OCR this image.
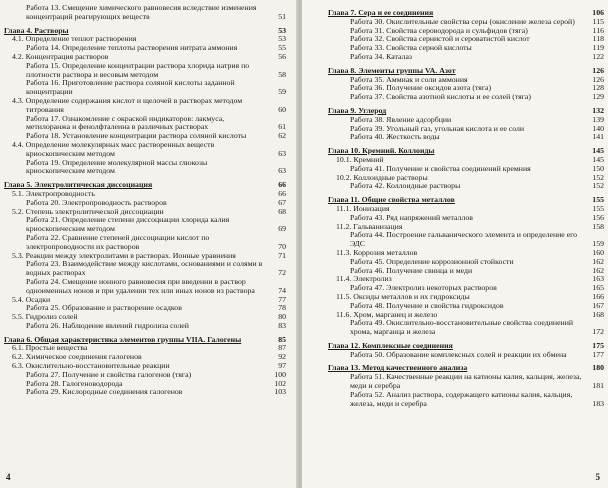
Работа 13. Смещение химического равновесия вследствие изменения концентраций реагирующих веществ	51
Глава 4. Растворы	53
4.1. Определение теплот растворения	53
Работа 14. Определение теплоты растворения нитрата аммония	55
4.2. Концентрация растворов	56
Работа 15. Определение концентрации раствора хлорида натрия по плотности раствора и весовым методом	58
Работа 16. Приготовление раствора соляной кислоты заданной концентрации	59
4.3. Определение содержания кислот и щелочей в растворах методом титрования	60
Работа 17. Ознакомление с окраской индикаторов: лакмуса, метилоранжа и фенолфталеина в различных растворах	61
Работа 18. Установление концентрации раствора соляной кислоты	62
4.4. Определение молекулярных масс растворенных веществ криоскопическим методом	63
Работа 19. Определение молекулярной массы глюкозы криоскопическим методом	63
Глава 5. Электролитическая диссоциация	66
5.1. Электропроводность	66
Работа 20. Электропроводность растворов	67
5.2. Степень электролитической диссоциации	68
Работа 21. Определение степени диссоциации хлорида калия криоскопическим методом	69
Работа 22. Сравнение степеней диссоциации кислот по электропроводности их растворов	70
5.3. Реакции между электролитами в растворах. Ионные уравнения	71
Работа 23. Взаимодействие между кислотами, основаниями и солями в водных растворах	72
Работа 24. Смещение ионного равновесия при введении в раствор одноименных ионов и при удалении тех или иных ионов из раствора	74
5.4. Осадки	77
Работа 25. Образование и растворение осадков	78
5.5. Гидролиз солей	80
Работа 26. Наблюдение явлений гидролиза солей	83
Глава 6. Общая характеристика элементов группы VIIA. Галогены	85
6.1. Простые вещества	87
6.2. Химическое соединения галогенов	92
6.3. Окислительно-восстановительные реакции	97
Работа 27. Получение и свойства галогенов (тяга)	100
Работа 28. Галогеноводорода	102
Работа 29. Кислородные соединения галогенов	103
4
Глава 7. Сера и ее соединения	106
Работа 30. Окислительные свойства серы (окисление железа серой)	115
Работа 31. Свойства сероводорода и сульфидов (тяга)	116
Работа 32. Свойства сернистой и сероватистой кислот	118
Работа 33. Свойства серной кислоты	119
Работа 34. Каталаз	122
Глава 8. Элементы группы VA. Азот	126
Работа 35. Аммиак и соли аммония	126
Работа 36. Получение оксидов азота (тяга)	128
Работа 37. Свойства азотной кислоты и ее солей (тяга)	129
Глава 9. Углерод	132
Работа 38. Явление адсорбции	139
Работа 39. Угольный газ, угольная кислота и ее соли	140
Работа 40. Жесткость воды	141
Глава 10. Кремний. Коллоиды	145
10.1. Кремний	145
Работа 41. Получение и свойства соединений кремния	150
10.2. Коллоидные растворы	152
Работа 42. Коллоидные растворы	152
Глава 11. Общие свойства металлов	155
11.1. Ионизация	155
Работа 43. Ряд напряжений металлов	156
11.2. Гальванизация	158
Работа 44. Построение гальванического элемента и определение его ЭДС	159
11.3. Коррозия металлов	160
Работа 45. Определение коррозионной стойкости	162
Работа 46. Получение свинца и меди	162
11.4. Электролиз	163
Работа 47. Электролиз некоторых растворов	165
11.5. Оксиды металлов и их гидроксиды	166
Работа 48. Получение и свойства гидроксидов	167
11.6. Хром, марганец и железо	168
Работа 49. Окислительно-восстановительные свойства соединений хрома, марганца и железа	172
Глава 12. Комплексные соединения	175
Работа 50. Образование комплексных солей и реакции их обмена	177
Глава 13. Метод качественного анализа	180
Работа 51. Качественные реакции на катионы калия, кальция, железа, меди и серебра	181
Работа 52. Анализ раствора, содержащего катионы калия, кальция, железа, меди и серебра	183
5
